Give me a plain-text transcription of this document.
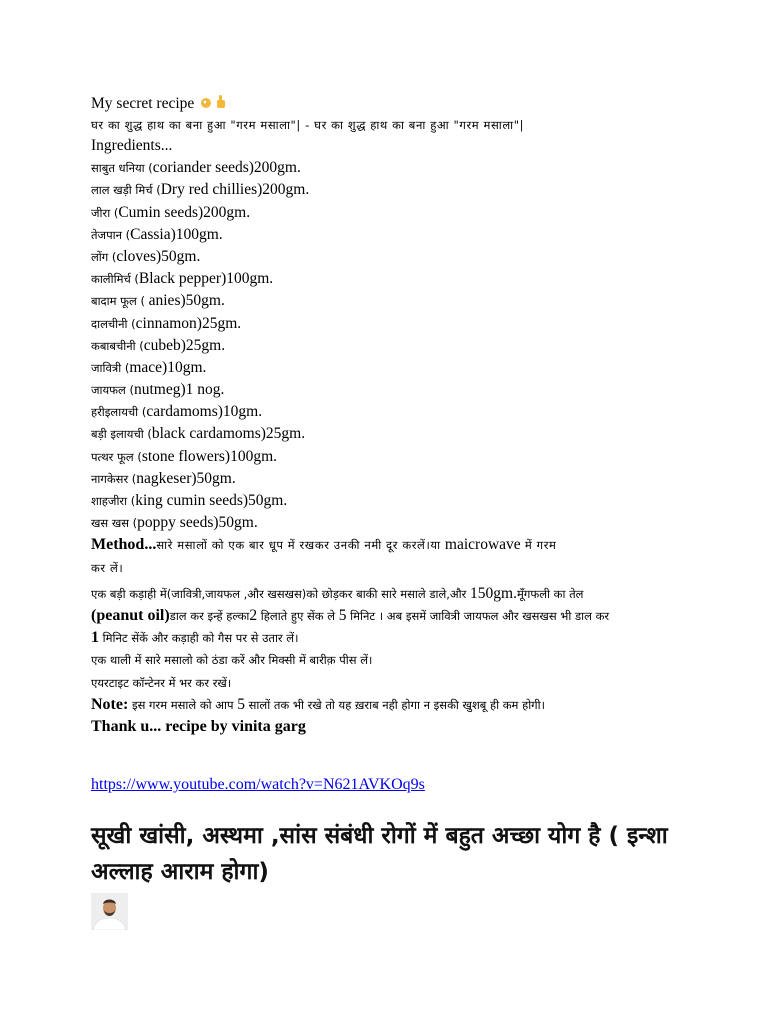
My secret recipe
घर का शुद्ध हाथ का बना हुआ "गरम मसाला"| - घर का शुद्ध हाथ का बना हुआ "गरम मसाला"|
Ingredients...
साबुत धनिया (coriander seeds)200gm.
लाल खड़ी मिर्च (Dry red chillies)200gm.
जीरा (Cumin seeds)200gm.
तेजपान (Cassia)100gm.
लोंग (cloves)50gm.
कालीमिर्च (Black pepper)100gm.
बादाम फूल ( anies)50gm.
दालचीनी (cinnamon)25gm.
कबाबचीनी (cubeb)25gm.
जावित्री (mace)10gm.
जायफल (nutmeg)1 nog.
हरीइलायची (cardamoms)10gm.
बड़ी इलायची (black cardamoms)25gm.
पत्थर फूल (stone flowers)100gm.
नागकेसर (nagkeser)50gm.
शाहजीरा (king cumin seeds)50gm.
खस खस (poppy seeds)50gm.
Method...सारे मसालों को एक बार धूप में रखकर उनकी नमी दूर करलें।या maicrowave में गरम
कर लें।
एक बड़ी कड़ाही में(जावित्री,जायफल ,और खसखस)को छोड़कर बाकी सारे मसाले डाले,और 150gm.मूँगफली का तेल
(peanut oil)डाल कर इन्हें हल्का2 हिलाते हुए सेंक ले 5 मिनिट । अब इसमें जावित्री जायफल और खसखस भी डाल कर
1 मिनिट सेंकें और कड़ाही को गैस पर से उतार लें।
एक थाली में सारे मसालो को ठंडा करें और मिक्सी में बारीक़ पीस लें।
एयरटाइट कॉन्टेनर में भर कर रखें।
Note: इस गरम मसाले को आप 5 सालों तक भी रखे तो यह ख़राब नही होगा न इसकी खुशबू ही कम होगी।
Thank u... recipe by vinita garg
https://www.youtube.com/watch?v=N621AVKOq9s
सूखी खांसी, अस्थमा ,सांस संबंधी रोगों में बहुत अच्छा योग है ( इन्शा अल्लाह आराम होगा)
